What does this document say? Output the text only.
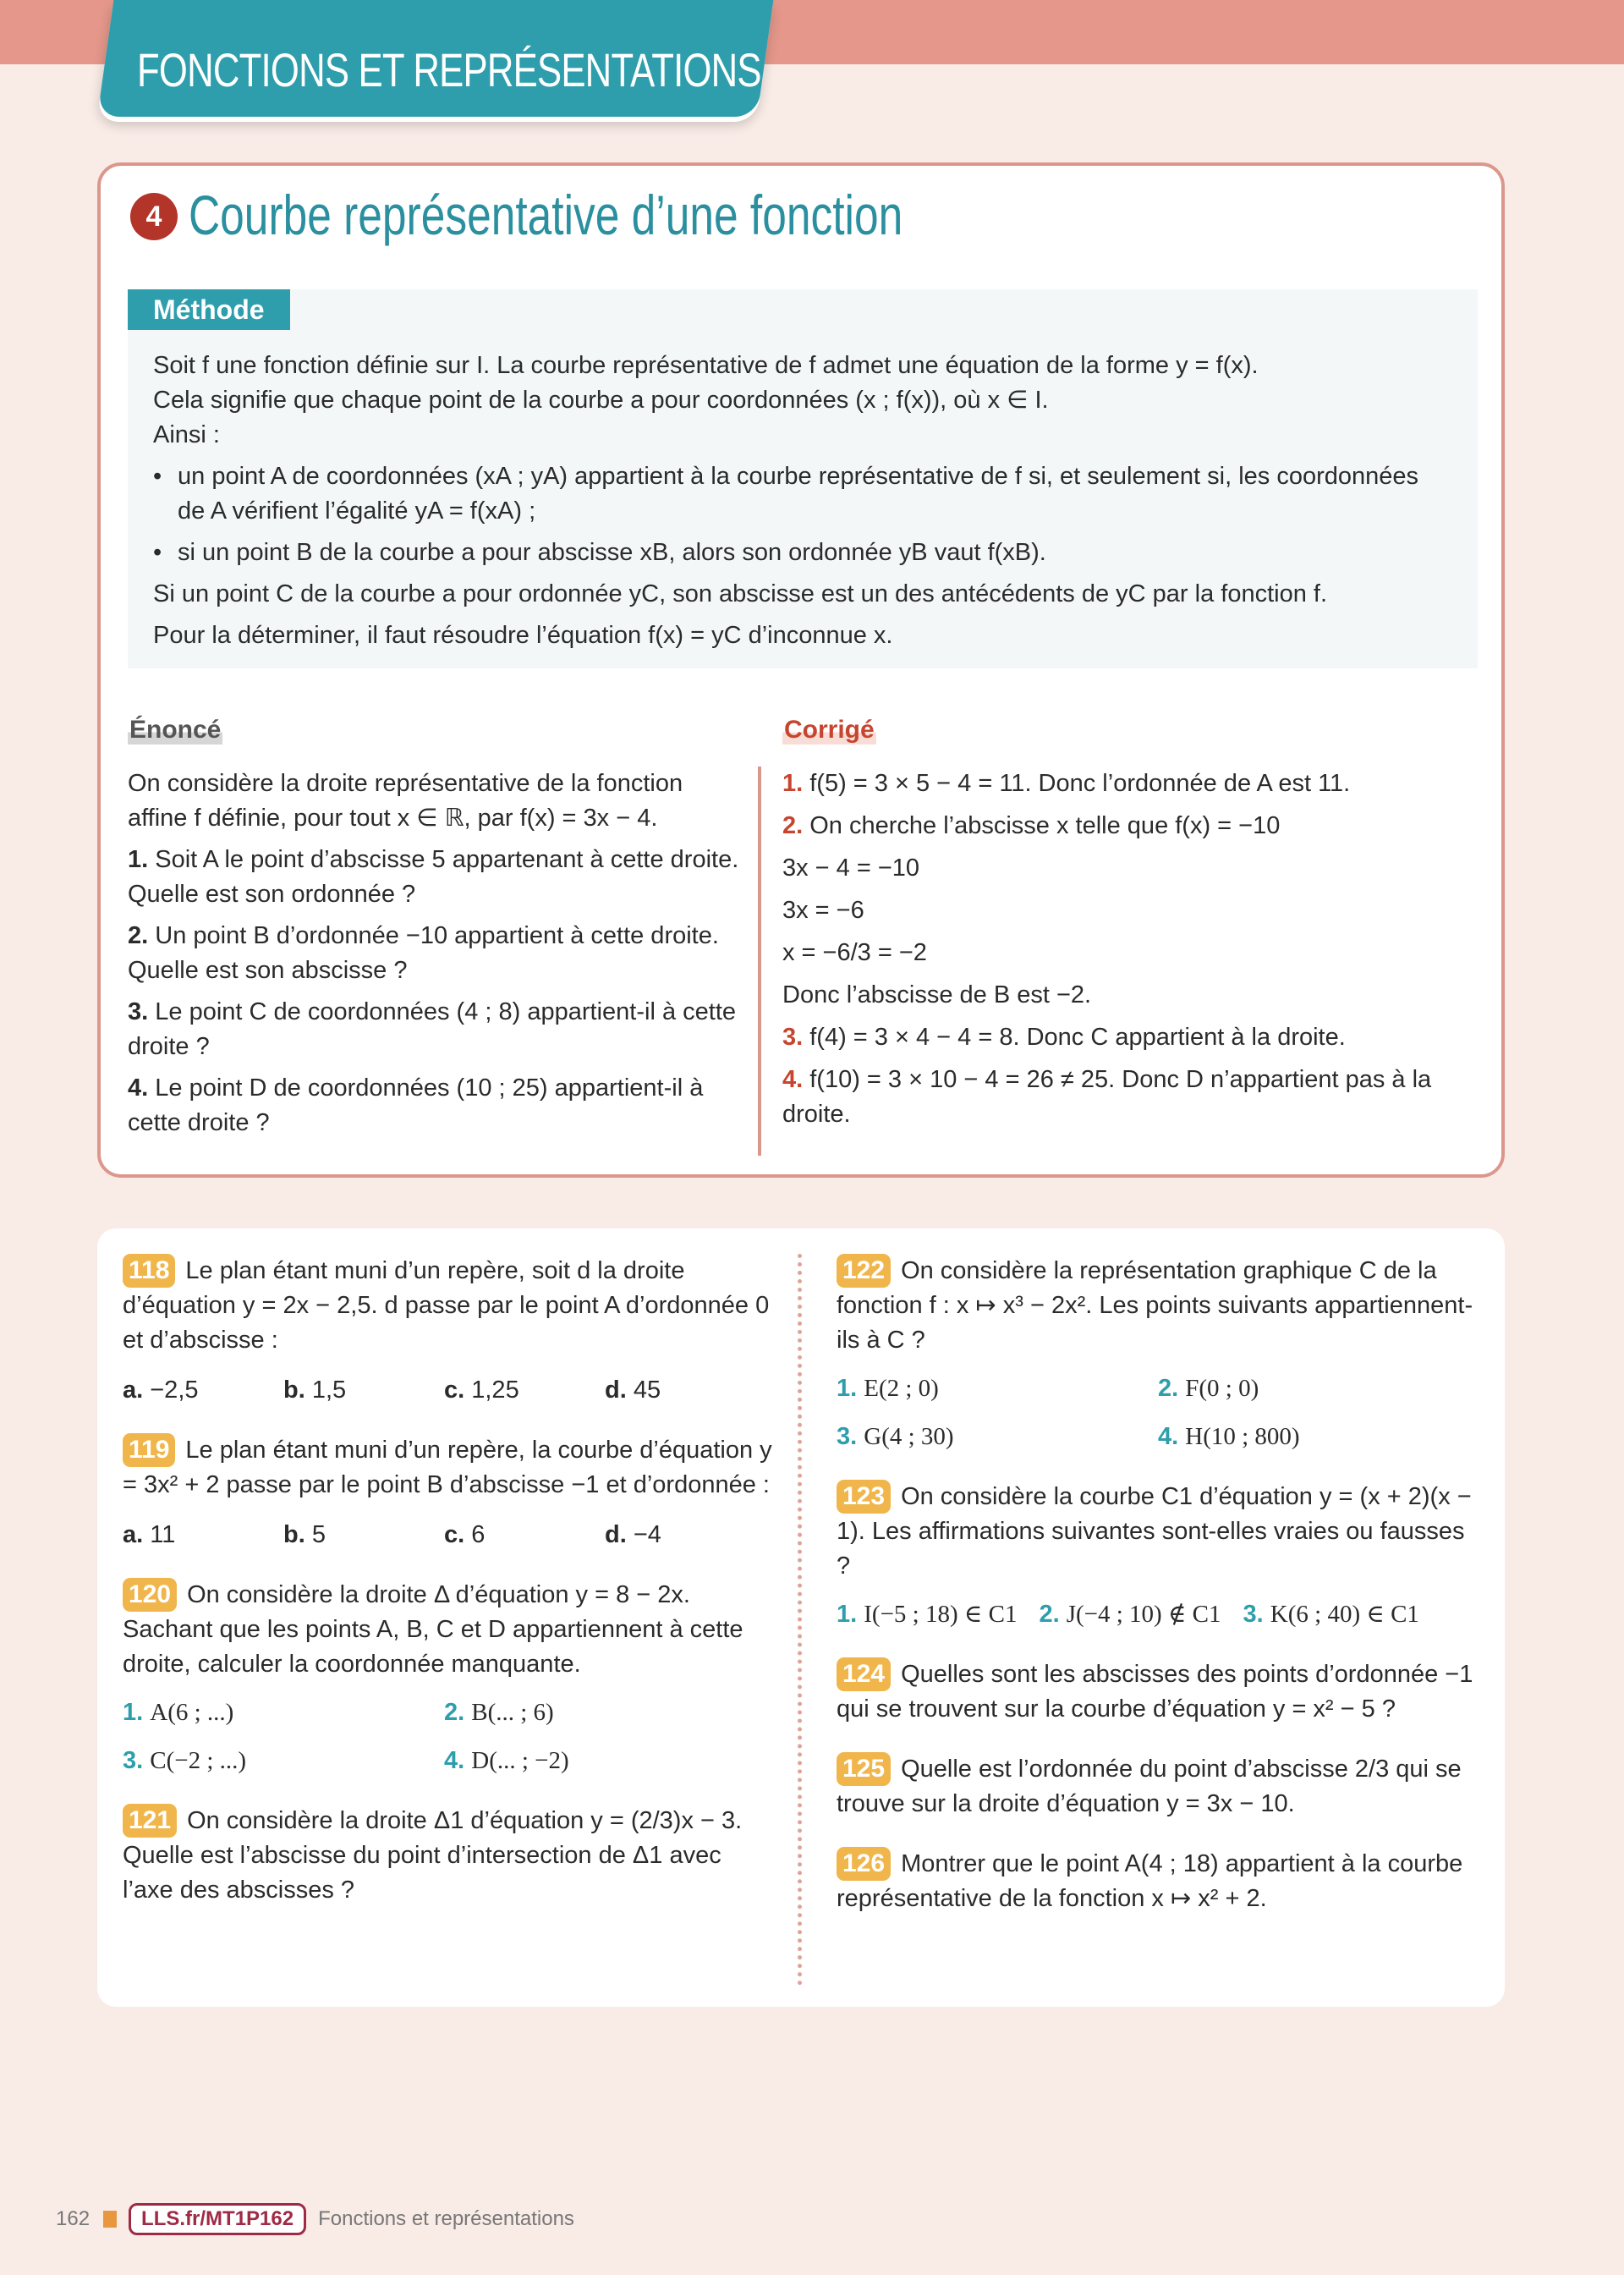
FONCTIONS ET REPRÉSENTATIONS
4 Courbe représentative d’une fonction
Méthode

Soit f une fonction définie sur I. La courbe représentative de f admet une équation de la forme y = f(x).

Cela signifie que chaque point de la courbe a pour coordonnées (x ; f(x)), où x ∈ I.

Ainsi :

• un point A de coordonnées (xA ; yA) appartient à la courbe représentative de f si, et seulement si, les coordonnées de A vérifient l’égalité yA = f(xA) ;

• si un point B de la courbe a pour abscisse xB, alors son ordonnée yB vaut f(xB).

Si un point C de la courbe a pour ordonnée yC, son abscisse est un des antécédents de yC par la fonction f.

Pour la déterminer, il faut résoudre l’équation f(x) = yC d’inconnue x.

Énoncé	Corrigé

On considère la droite représentative de la fonction affine f définie, pour tout x ∈ ℝ, par f(x) = 3x − 4.

1. Soit A le point d’abscisse 5 appartenant à cette droite. Quelle est son ordonnée ?

2. Un point B d’ordonnée −10 appartient à cette droite. Quelle est son abscisse ?

3. Le point C de coordonnées (4 ; 8) appartient-il à cette droite ?

4. Le point D de coordonnées (10 ; 25) appartient-il à cette droite ?

1. f(5) = 3 × 5 − 4 = 11. Donc l’ordonnée de A est 11.

2. On cherche l’abscisse x telle que f(x) = −10

3x − 4 = −10

3x = −6

x = −6/3 = −2

Donc l’abscisse de B est −2.

3. f(4) = 3 × 4 − 4 = 8. Donc C appartient à la droite.

4. f(10) = 3 × 10 − 4 = 26 ≠ 25. Donc D n’appartient pas à la droite.

118 Le plan étant muni d’un repère, soit d la droite d’équation y = 2x − 2,5. d passe par le point A d’ordonnée 0 et d’abscisse :
a. −2,5	b. 1,5	c. 1,25	d. 45
119 Le plan étant muni d’un repère, la courbe d’équation y = 3x² + 2 passe par le point B d’abscisse −1 et d’ordonnée :
a. 11	b. 5	c. 6	d. −4
120 On considère la droite Δ d’équation y = 8 − 2x. Sachant que les points A, B, C et D appartiennent à cette droite, calculer la coordonnée manquante.
1. A(6 ; ...)	2. B(... ; 6)
3. C(−2 ; ...)	4. D(... ; −2)
121 On considère la droite Δ1 d’équation y = (2/3)x − 3. Quelle est l’abscisse du point d’intersection de Δ1 avec l’axe des abscisses ?
122 On considère la représentation graphique C de la fonction f : x ↦ x³ − 2x². Les points suivants appartiennent-ils à C ?
1. E(2 ; 0)	2. F(0 ; 0)
3. G(4 ; 30)	4. H(10 ; 800)
123 On considère la courbe C1 d’équation y = (x + 2)(x − 1). Les affirmations suivantes sont-elles vraies ou fausses ?
1. I(−5 ; 18) ∈ C1 2. J(−4 ; 10) ∉ C1 3. K(6 ; 40) ∈ C1
124 Quelles sont les abscisses des points d’ordonnée −1 qui se trouvent sur la courbe d’équation y = x² − 5 ?
125 Quelle est l’ordonnée du point d’abscisse 2/3 qui se trouve sur la droite d’équation y = 3x − 10.
126 Montrer que le point A(4 ; 18) appartient à la courbe représentative de la fonction x ↦ x² + 2.
162	LLS.fr/MT1P162	Fonctions et représentations
